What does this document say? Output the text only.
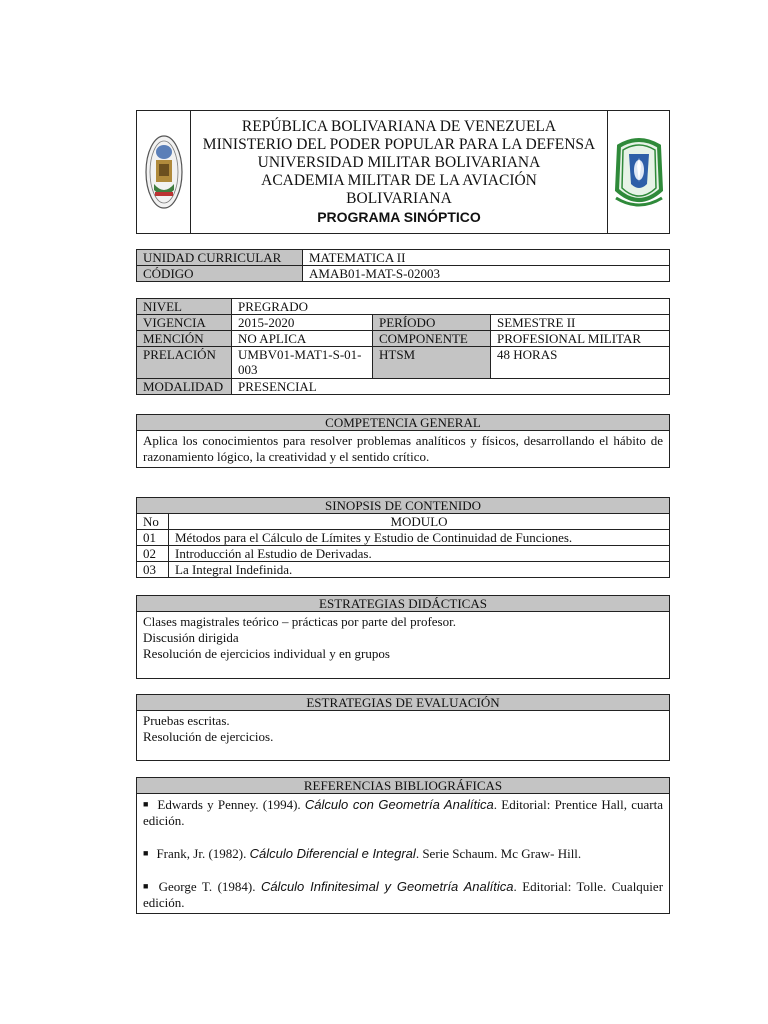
REPÚBLICA BOLIVARIANA DE VENEZUELA
MINISTERIO DEL PODER POPULAR PARA LA DEFENSA
UNIVERSIDAD MILITAR BOLIVARIANA
ACADEMIA MILITAR DE LA AVIACIÓN
BOLIVARIANA
PROGRAMA SINÓPTICO

UNIDAD CURRICULAR	MATEMATICA II
CÓDIGO	AMAB01-MAT-S-02003
NIVEL	PREGRADO		
VIGENCIA	2015-2020	PERÍODO	SEMESTRE II
MENCIÓN	NO APLICA	COMPONENTE	PROFESIONAL MILITAR
PRELACIÓN	UMBV01-MAT1-S-01-003	HTSM	48 HORAS
MODALIDAD	PRESENCIAL		
COMPETENCIA GENERAL
Aplica los conocimientos para resolver problemas analíticos y físicos, desarrollando el hábito de razonamiento lógico, la creatividad y el sentido crítico.
SINOPSIS DE CONTENIDO	
No	MODULO
01	Métodos para el Cálculo de Límites y Estudio de Continuidad de Funciones.
02	Introducción al Estudio de Derivadas.
03	La Integral Indefinida.
ESTRATEGIAS DIDÁCTICAS

Clases magistrales teórico – prácticas por parte del profesor.
Discusión dirigida
Resolución de ejercicios individual y en grupos
ESTRATEGIAS DE EVALUACIÓN

Pruebas escritas.
Resolución de ejercicios.
REFERENCIAS BIBLIOGRÁFICAS

■ Edwards y Penney. (1994). Cálculo con Geometría Analítica. Editorial: Prentice Hall, cuarta edición.

■ Frank, Jr. (1982). Cálculo Diferencial e Integral. Serie Schaum. Mc Graw- Hill.

■ George T. (1984). Cálculo Infinitesimal y Geometría Analítica. Editorial: Tolle. Cualquier edición.
